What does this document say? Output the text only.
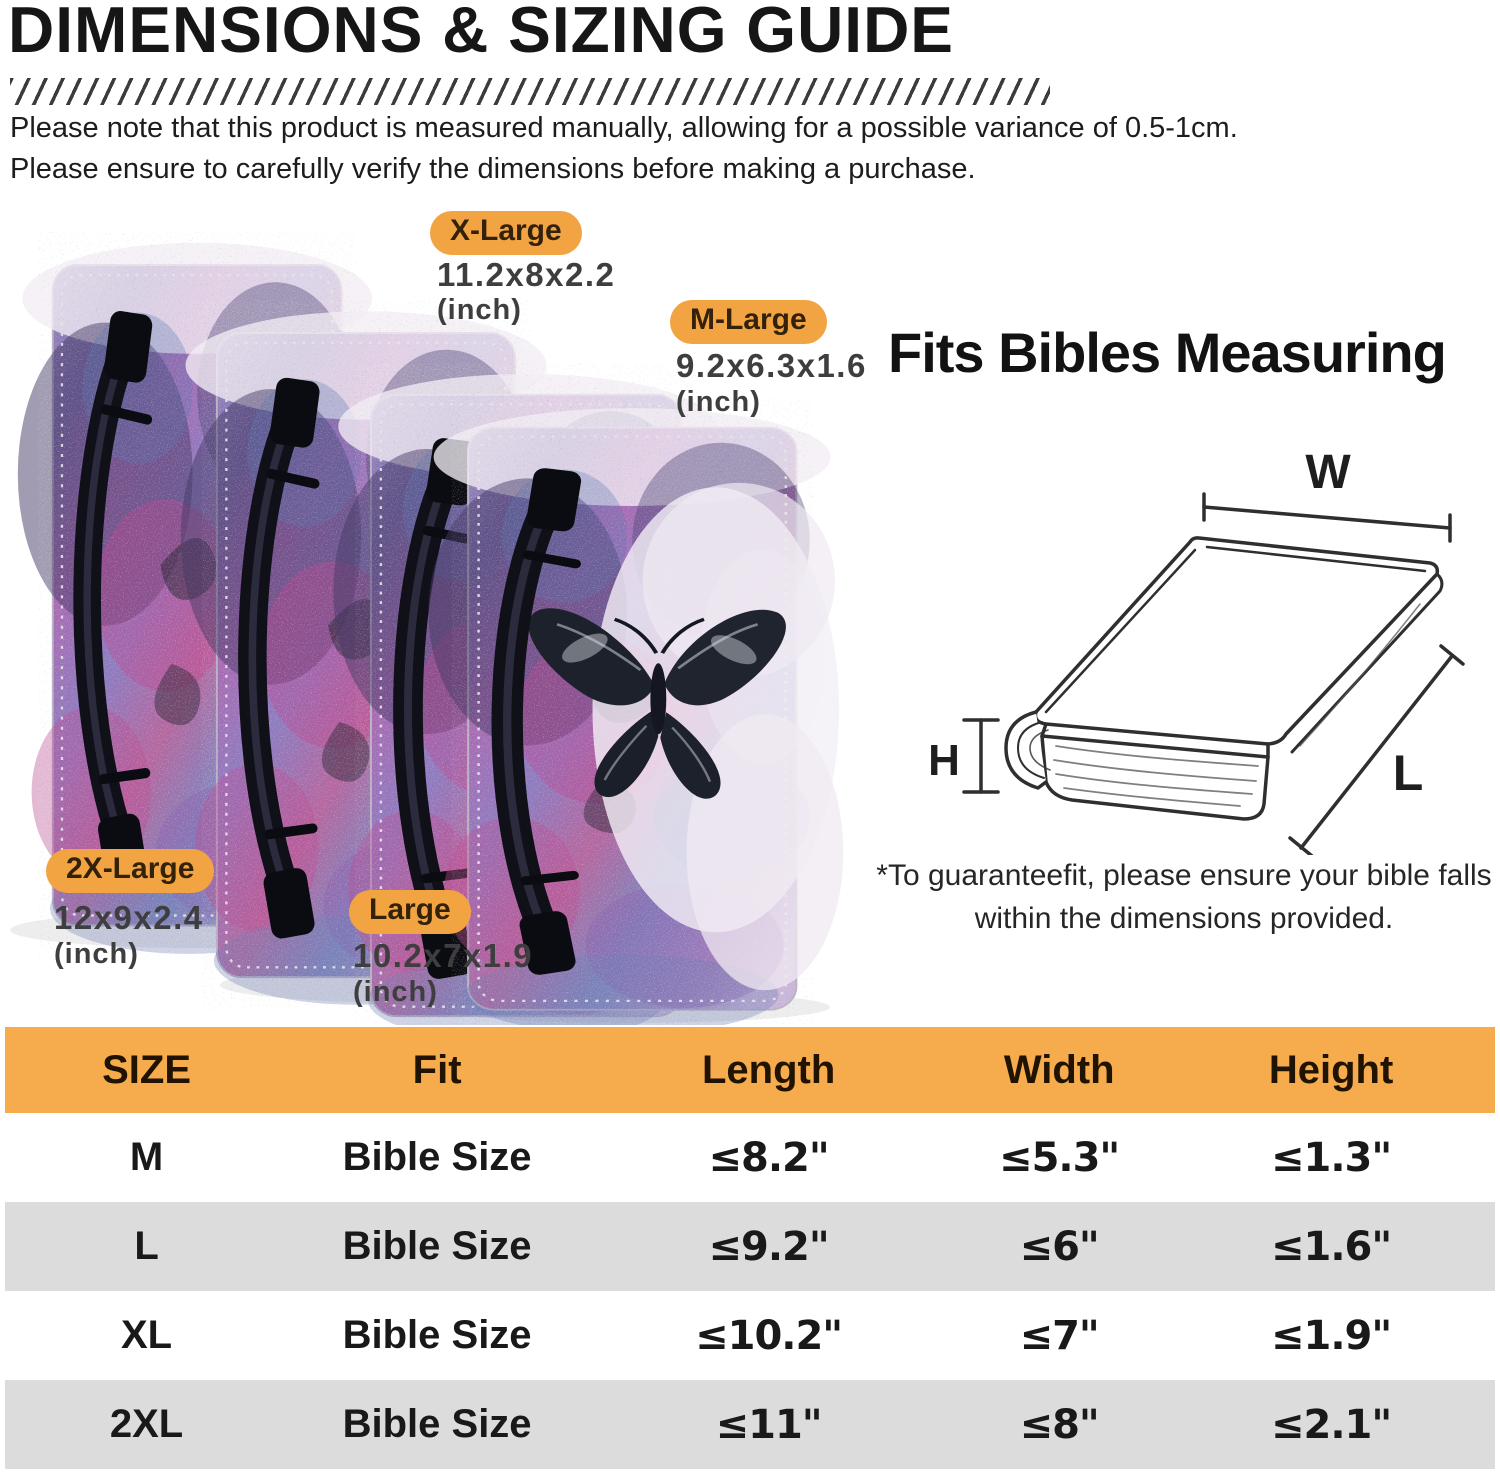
DIMENSIONS & SIZING GUIDE
Please note that this product is measured manually, allowing for a possible variance of 0.5-1cm.
Please ensure to carefully verify the dimensions before making a purchase.
X-Large
11.2x8x2.2
(inch)	M-Large
9.2x6.3x1.6
(inch)
2X-Large
12x9x2.4
(inch)
Large
10.2x7x1.9
(inch)
Fits Bibles Measuring
W
H	L
*To guaranteefit, please ensure your bible falls
within the dimensions provided.
SIZE	Fit	Length	Width	Height
M	Bible Size	≤8.2"	≤5.3"	≤1.3"
L	Bible Size	≤9.2"	≤6"	≤1.6"
XL	Bible Size	≤10.2"	≤7"	≤1.9"
2XL	Bible Size	≤11"	≤8"	≤2.1"
